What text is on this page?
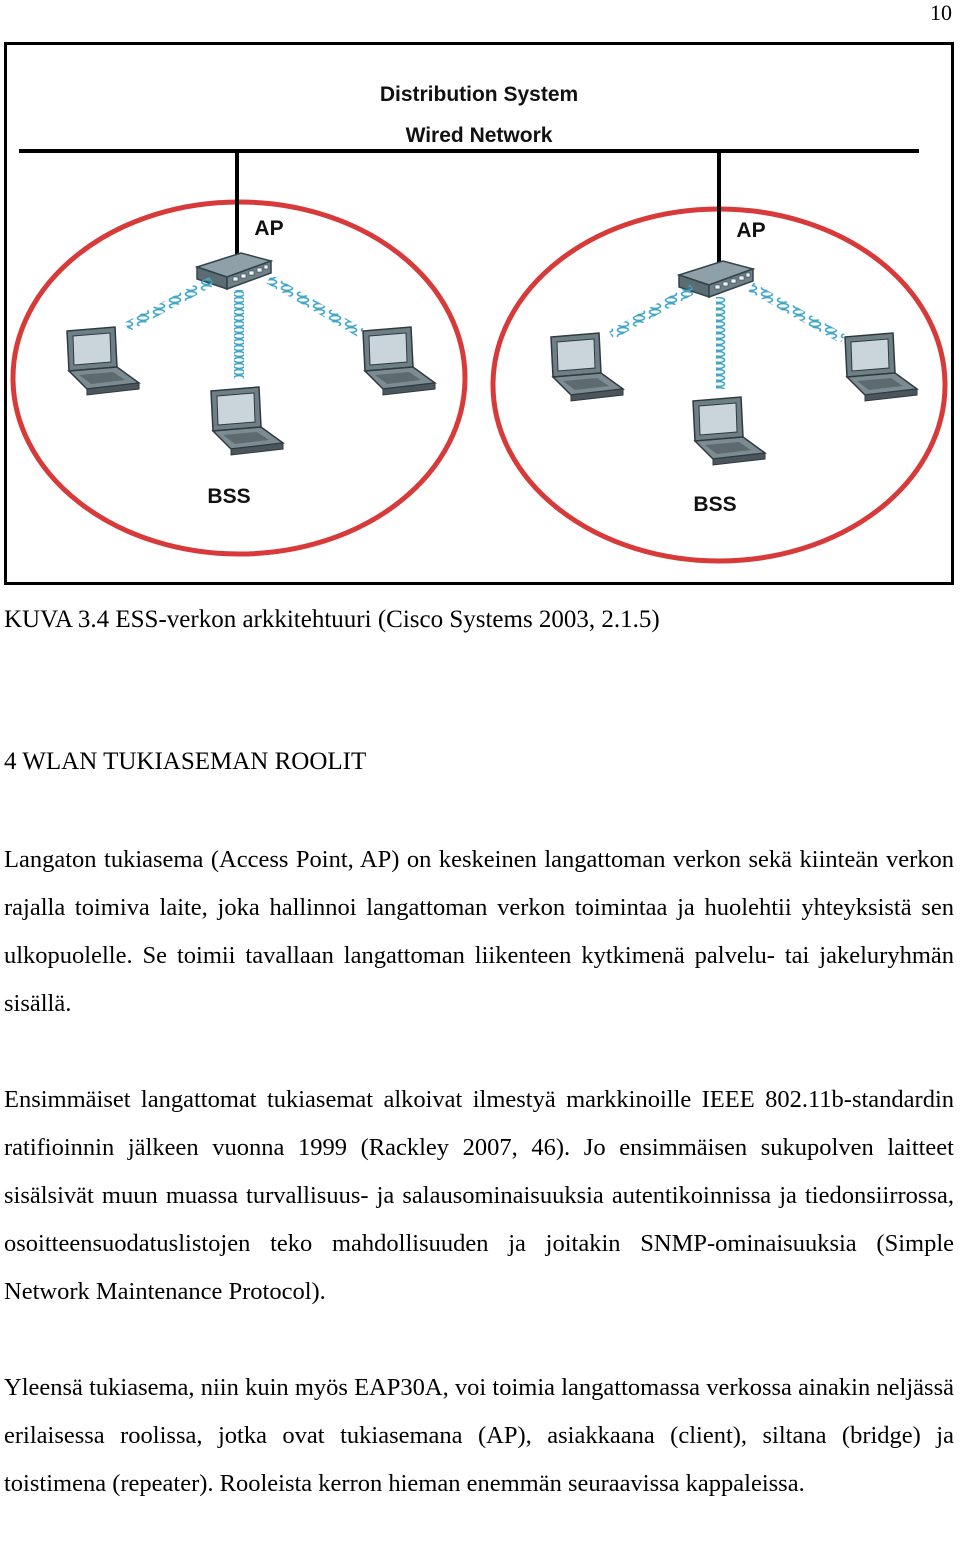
10
Distribution System
Wired Network
AP
BSS
AP
BSS
KUVA 3.4 ESS-verkon arkkitehtuuri (Cisco Systems 2003, 2.1.5)
4 WLAN TUKIASEMAN ROOLIT

Langaton tukiasema (Access Point, AP) on keskeinen langattoman verkon sekä kiinteän verkon rajalla toimiva laite, joka hallinnoi langattoman verkon toimintaa ja huolehtii yhteyksistä sen ulkopuolelle. Se toimii tavallaan langattoman liikenteen kytkimenä palvelu- tai jakeluryhmän sisällä.

Ensimmäiset langattomat tukiasemat alkoivat ilmestyä markkinoille IEEE 802.11b-standardin ratifioinnin jälkeen vuonna 1999 (Rackley 2007, 46). Jo ensimmäisen sukupolven laitteet sisälsivät muun muassa turvallisuus- ja salausominaisuuksia autentikoinnissa ja tiedonsiirrossa, osoitteensuodatuslistojen teko mahdollisuuden ja joitakin SNMP-ominaisuuksia (Simple Network Maintenance Protocol).

Yleensä tukiasema, niin kuin myös EAP30A, voi toimia langattomassa verkossa ainakin neljässä erilaisessa roolissa, jotka ovat tukiasemana (AP), asiakkaana (client), siltana (bridge) ja toistimena (repeater). Rooleista kerron hieman enemmän seuraavissa kappaleissa.
